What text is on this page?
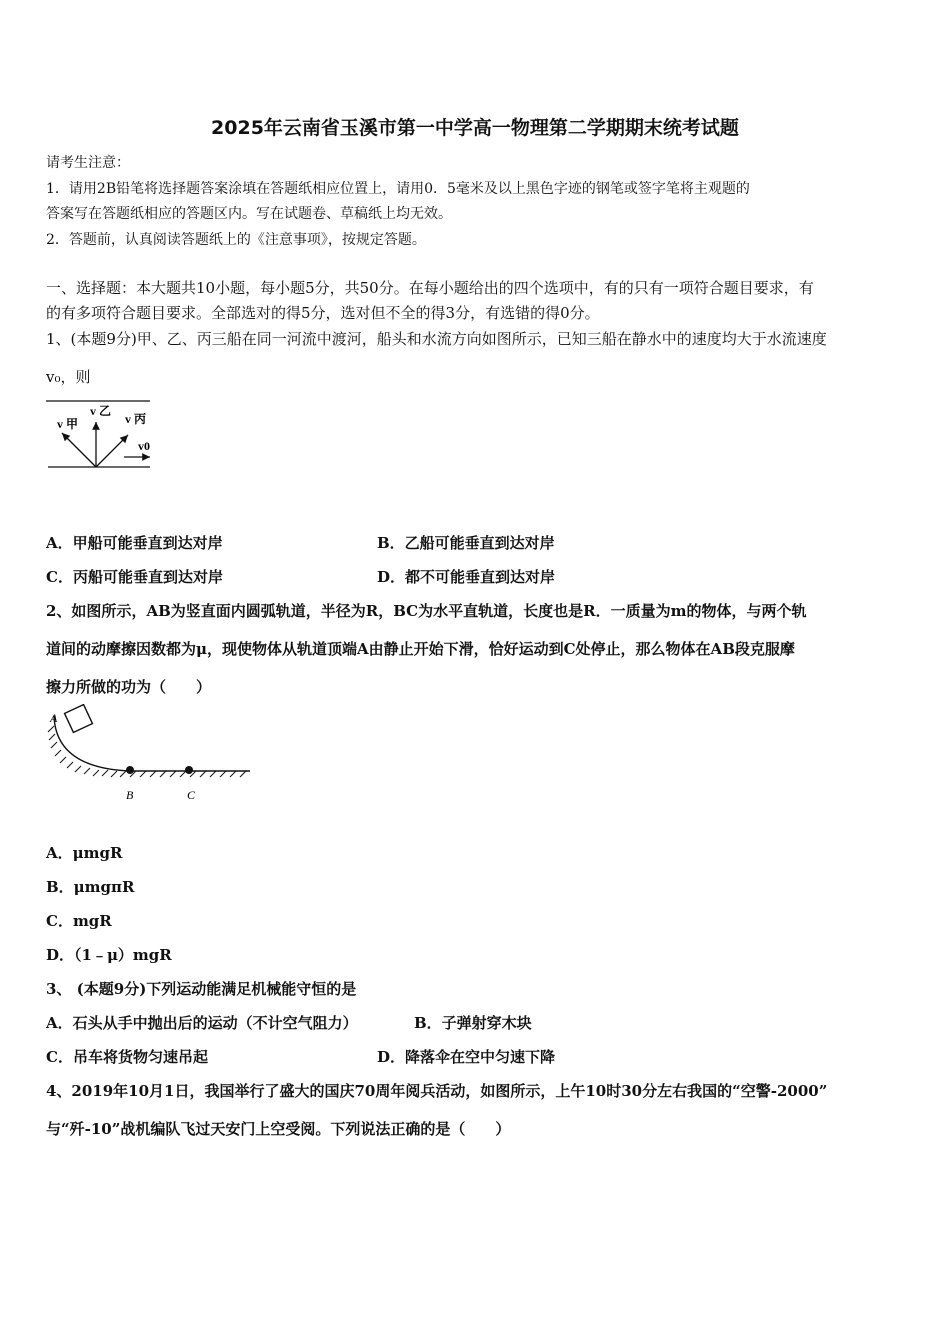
2025年云南省玉溪市第一中学高一物理第二学期期末统考试题
请考生注意：
1．请用2B铅笔将选择题答案涂填在答题纸相应位置上，请用0．5毫米及以上黑色字迹的钢笔或签字笔将主观题的
答案写在答题纸相应的答题区内。写在试题卷、草稿纸上均无效。
2．答题前，认真阅读答题纸上的《注意事项》，按规定答题。
一、选择题：本大题共10小题，每小题5分，共50分。在每小题给出的四个选项中，有的只有一项符合题目要求，有
的有多项符合题目要求。全部选对的得5分，选对但不全的得3分，有选错的得0分。
1、(本题9分)甲、乙、丙三船在同一河流中渡河，船头和水流方向如图所示，已知三船在静水中的速度均大于水流速度
v₀，则
v 甲
v 乙
v 丙
v0
A．甲船可能垂直到达对岸	B．乙船可能垂直到达对岸
C．丙船可能垂直到达对岸	D．都不可能垂直到达对岸
2、如图所示，AB为竖直面内圆弧轨道，半径为R，BC为水平直轨道，长度也是R．一质量为m的物体，与两个轨
道间的动摩擦因数都为μ，现使物体从轨道顶端A由静止开始下滑，恰好运动到C处停止，那么物体在AB段克服摩
擦力所做的功为（　　）
A
B	C
A．μmgR
B．μmgπR
C．mgR
D．（1﹣μ）mgR
3、 (本题9分)下列运动能满足机械能守恒的是
A．石头从手中抛出后的运动（不计空气阻力）	B．子弹射穿木块
C．吊车将货物匀速吊起	D．降落伞在空中匀速下降
4、2019年10月1日，我国举行了盛大的国庆70周年阅兵活动，如图所示，上午10时30分左右我国的“空警-2000”
与“歼-10”战机编队飞过天安门上空受阅。下列说法正确的是（　　）
